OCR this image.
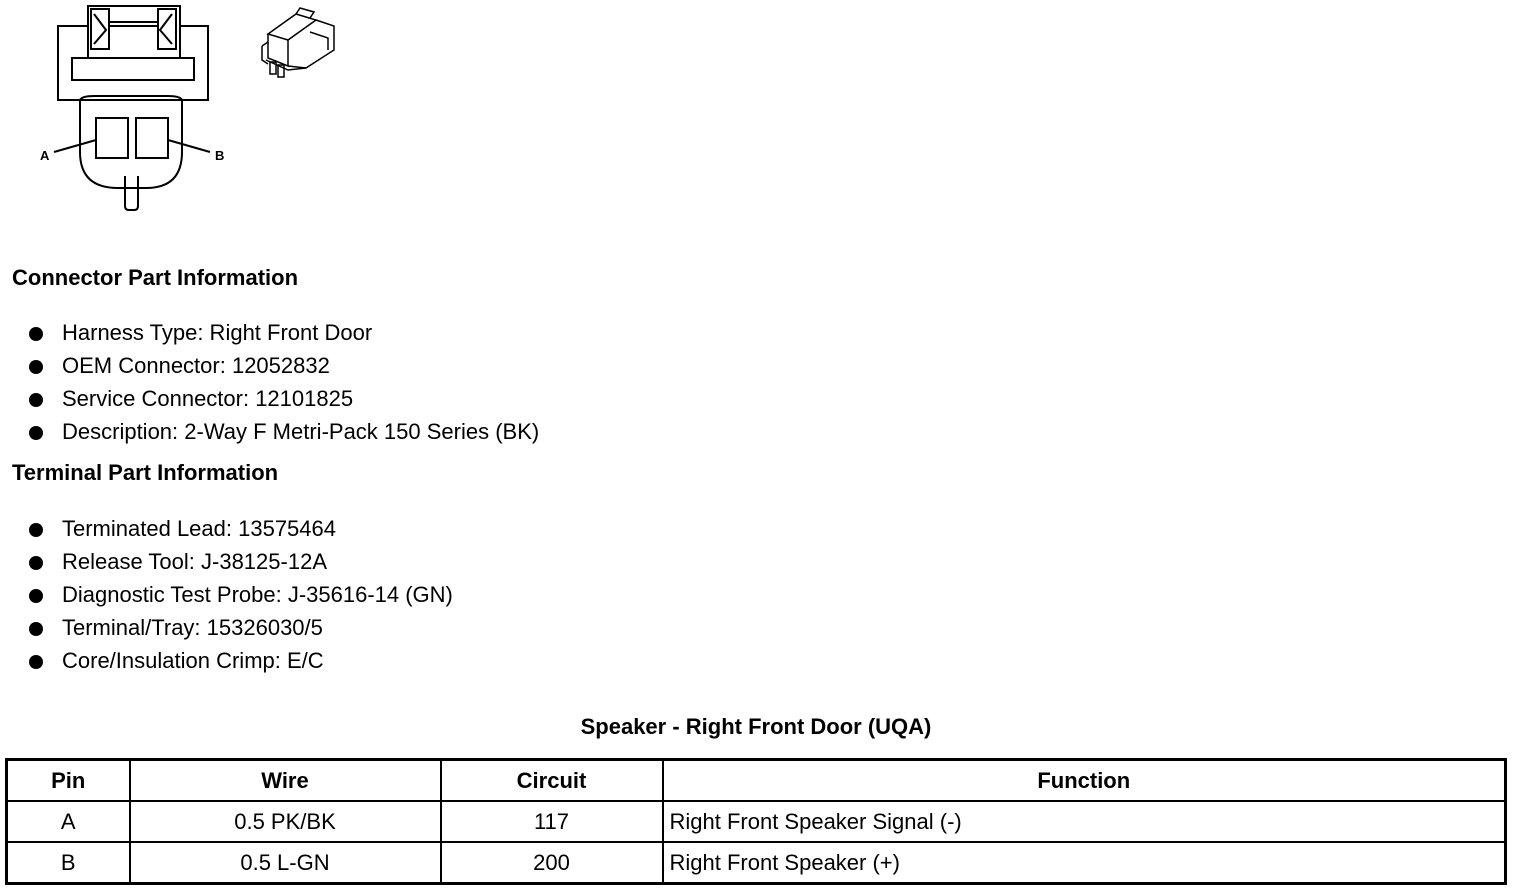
A	B
Connector Part Information
Harness Type: Right Front Door
OEM Connector: 12052832
Service Connector: 12101825
Description: 2-Way F Metri-Pack 150 Series (BK)
Terminal Part Information
Terminated Lead: 13575464
Release Tool: J-38125-12A
Diagnostic Test Probe: J-35616-14 (GN)
Terminal/Tray: 15326030/5
Core/Insulation Crimp: E/C
Speaker - Right Front Door (UQA)
Pin	Wire	Circuit	Function
A	0.5 PK/BK	117	Right Front Speaker Signal (-)
B	0.5 L-GN	200	Right Front Speaker (+)
